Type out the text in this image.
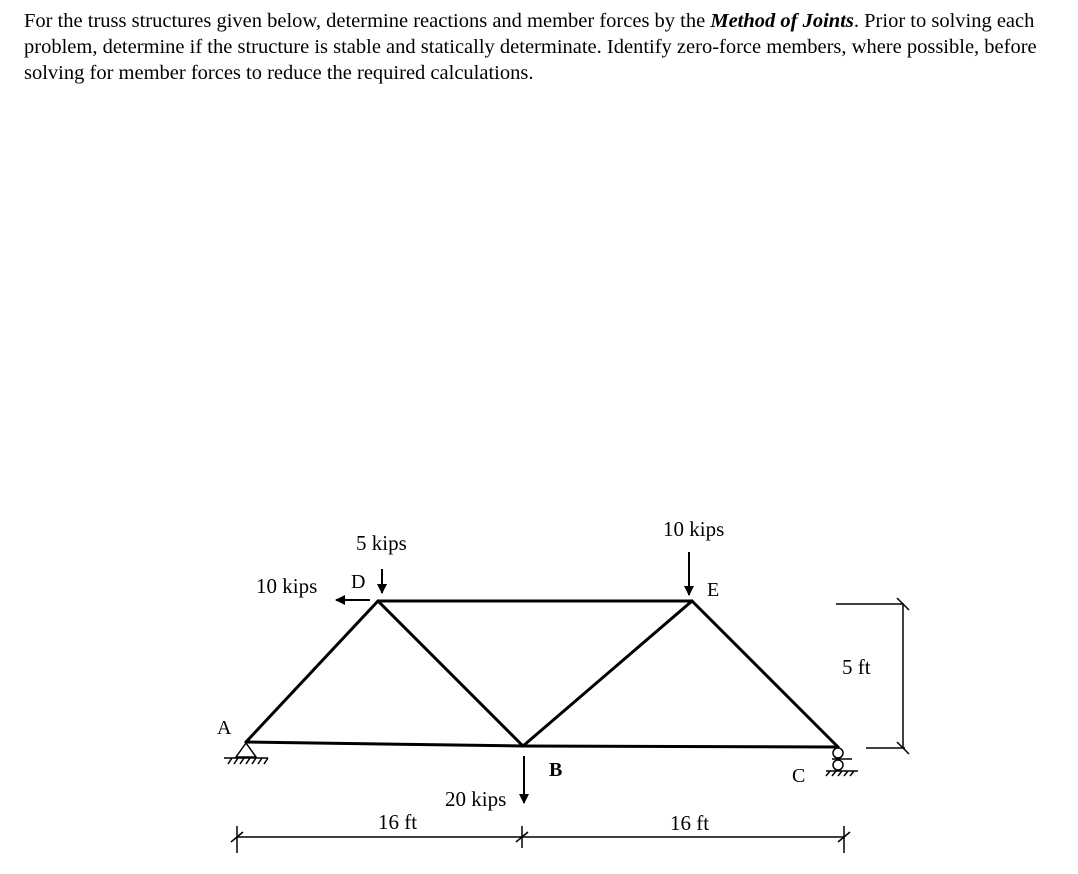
For the truss structures given below, determine reactions and member forces by the Method of Joints. Prior to solving each problem, determine if the structure is stable and statically determinate. Identify zero-force members, where possible, before solving for member forces to reduce the required calculations.

A
B	C
D	E
5 kips
10 kips
10 kips
20 kips
16 ft	16 ft
5 ft
